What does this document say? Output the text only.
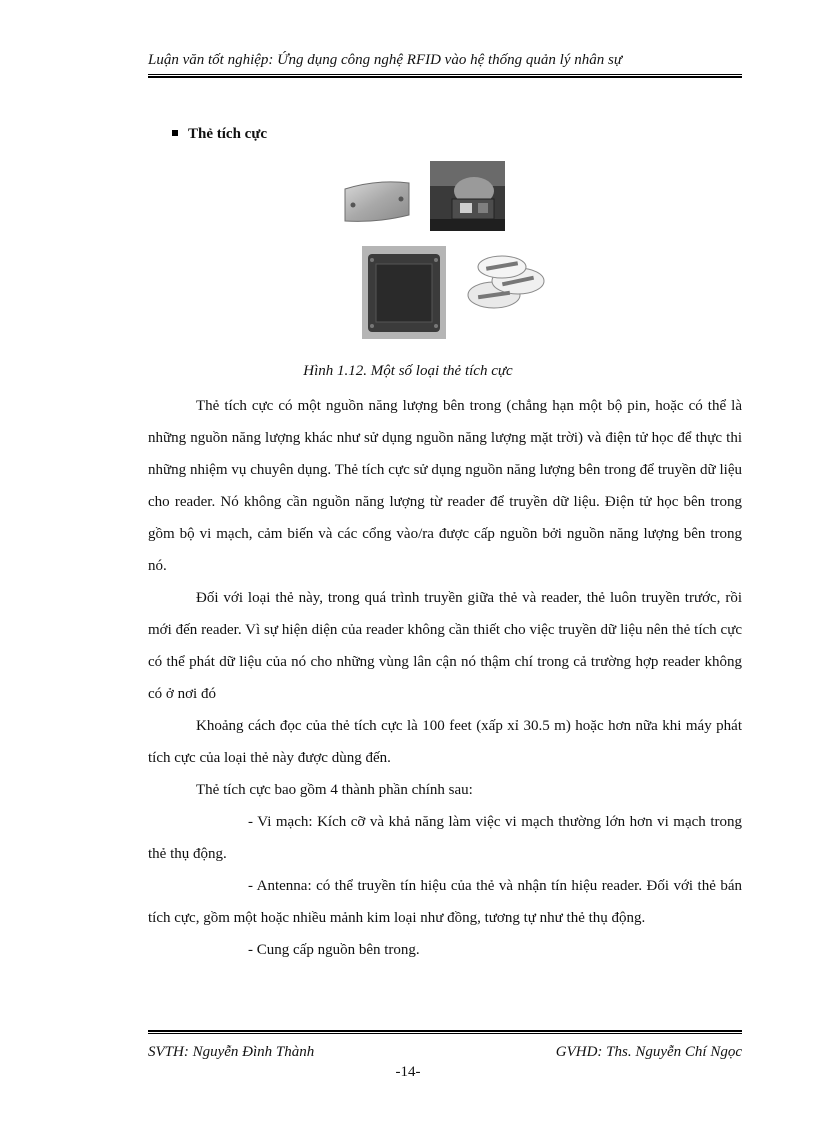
Luận văn tốt nghiệp: Ứng dụng công nghệ RFID vào hệ thống quản lý nhân sự
Thẻ tích cực
Hình 1.12. Một số loại thẻ tích cực

Thẻ tích cực có một nguồn năng lượng bên trong (chẳng hạn một bộ pin, hoặc có thể là những nguồn năng lượng khác như sử dụng nguồn năng lượng mặt trời) và điện tử học để thực thi những nhiệm vụ chuyên dụng. Thẻ tích cực sử dụng nguồn năng lượng bên trong để truyền dữ liệu cho reader. Nó không cần nguồn năng lượng từ reader để truyền dữ liệu. Điện tử học bên trong gồm bộ vi mạch, cảm biến và các cổng vào/ra được cấp nguồn bởi nguồn năng lượng bên trong nó.

Đối với loại thẻ này, trong quá trình truyền giữa thẻ và reader, thẻ luôn truyền trước, rồi mới đến reader. Vì sự hiện diện của reader không cần thiết cho việc truyền dữ liệu nên thẻ tích cực có thể phát dữ liệu của nó cho những vùng lân cận nó thậm chí trong cả trường hợp reader không có ở nơi đó

Khoảng cách đọc của thẻ tích cực là 100 feet (xấp xỉ 30.5 m) hoặc hơn nữa khi máy phát tích cực của loại thẻ này được dùng đến.

Thẻ tích cực bao gồm 4 thành phần chính sau:

- Vi mạch: Kích cỡ và khả năng làm việc vi mạch thường lớn hơn vi mạch trong thẻ thụ động.

- Antenna: có thể truyền tín hiệu của thẻ và nhận tín hiệu reader. Đối với thẻ bán tích cực, gồm một hoặc nhiều mảnh kim loại như đồng, tương tự như thẻ thụ động.

- Cung cấp nguồn bên trong.

SVTH: Nguyễn Đình Thành	GVHD: Ths. Nguyễn Chí Ngọc
-14-
